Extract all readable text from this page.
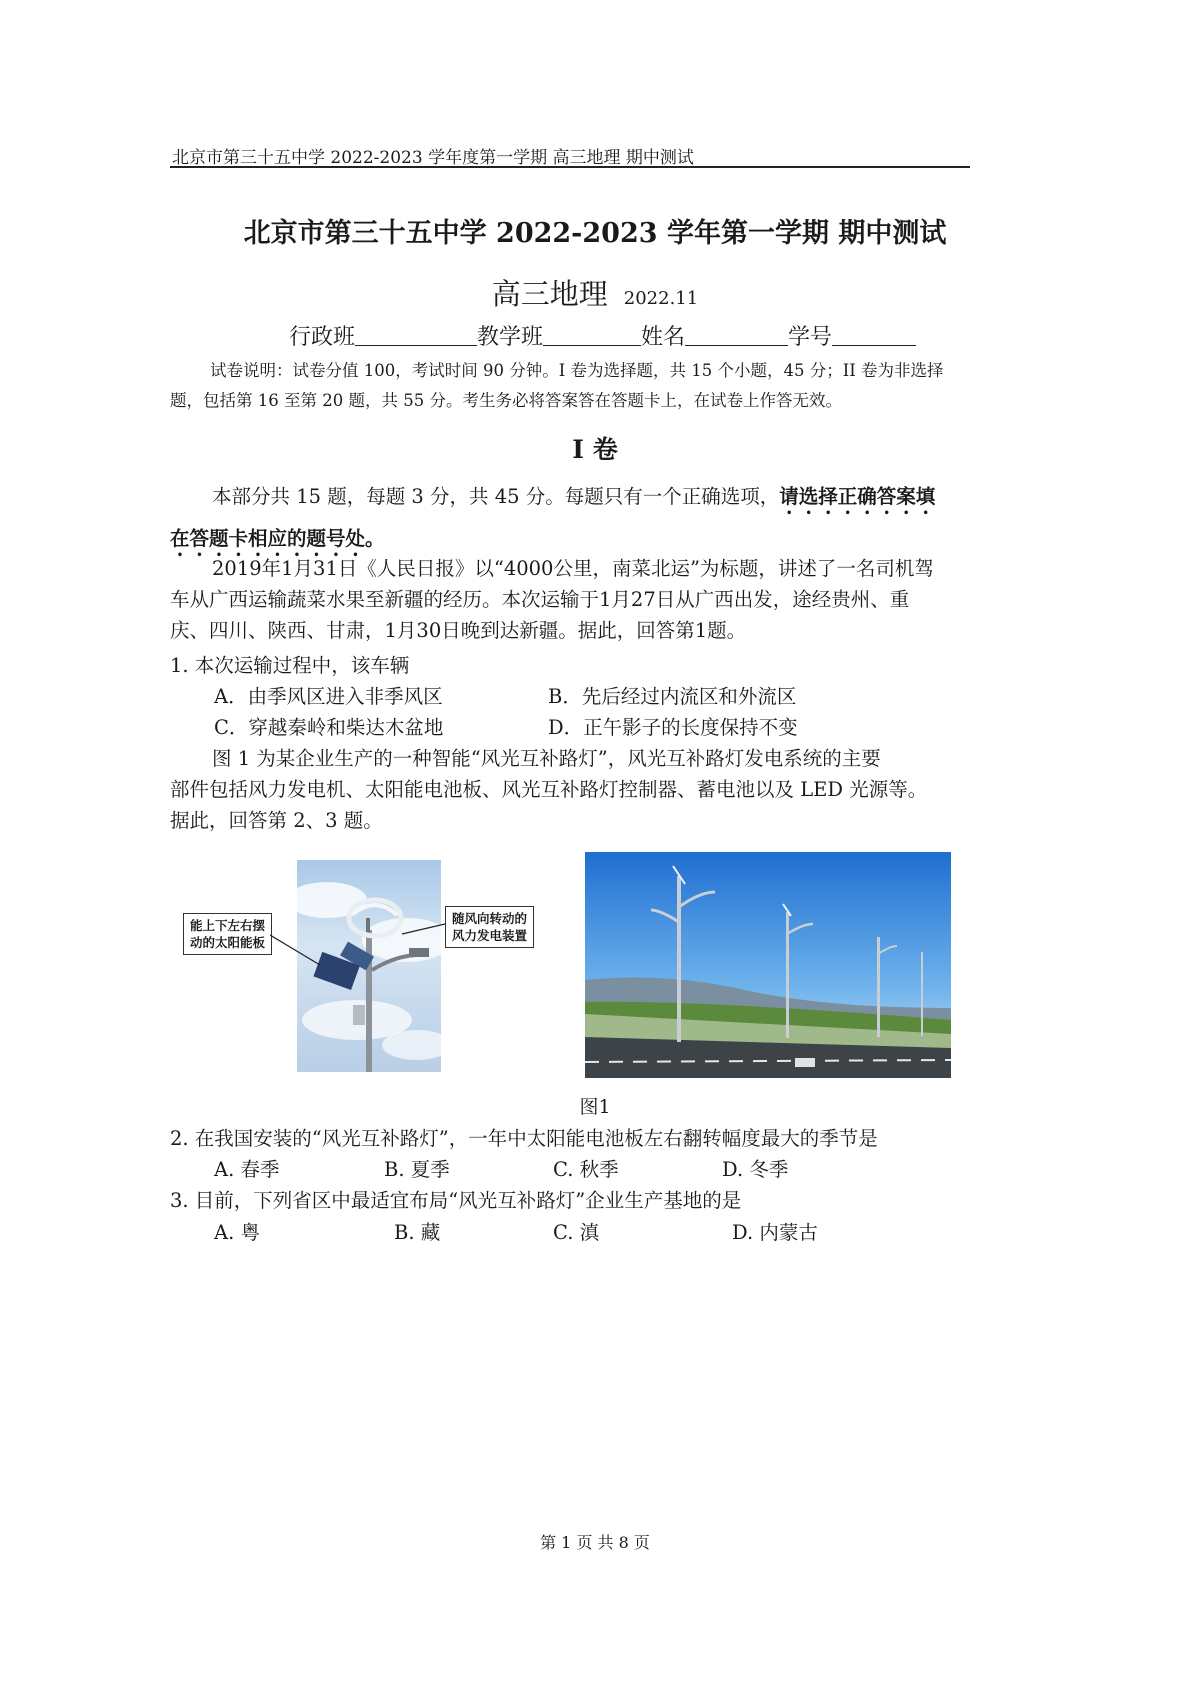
北京市第三十五中学 2022-2023 学年度第一学期 高三地理 期中测试
北京市第三十五中学 2022-2023 学年第一学期 期中测试
高三地理 2022.11
行政班	教学班	姓名	学号
试卷说明：试卷分值 100，考试时间 90 分钟。I 卷为选择题，共 15 个小题，45 分；II 卷为非选择
题，包括第 16 至第 20 题，共 55 分。考生务必将答案答在答题卡上，在试卷上作答无效。
I 卷
本部分共 15 题，每题 3 分，共 45 分。每题只有一个正确选项，请选择正确答案填
在答题卡相应的题号处。
2019年1月31日《人民日报》以“4000公里，南菜北运”为标题，讲述了一名司机驾
车从广西运输蔬菜水果至新疆的经历。本次运输于1月27日从广西出发，途经贵州、重
庆、四川、陕西、甘肃，1月30日晚到达新疆。据此，回答第1题。
1. 本次运输过程中，该车辆
A．由季风区进入非季风区	B．先后经过内流区和外流区
C．穿越秦岭和柴达木盆地	D．正午影子的长度保持不变
图 1 为某企业生产的一种智能“风光互补路灯”，风光互补路灯发电系统的主要
部件包括风力发电机、太阳能电池板、风光互补路灯控制器、蓄电池以及 LED 光源等。
据此，回答第 2、3 题。
能上下左右摆
动的太阳能板
随风向转动的
风力发电装置
图1
2. 在我国安装的“风光互补路灯”，一年中太阳能电池板左右翻转幅度最大的季节是
A. 春季	B. 夏季	C. 秋季	D. 冬季
3. 目前，下列省区中最适宜布局“风光互补路灯”企业生产基地的是
A. 粤	B. 藏	C. 滇	D. 内蒙古
第 1 页 共 8 页
